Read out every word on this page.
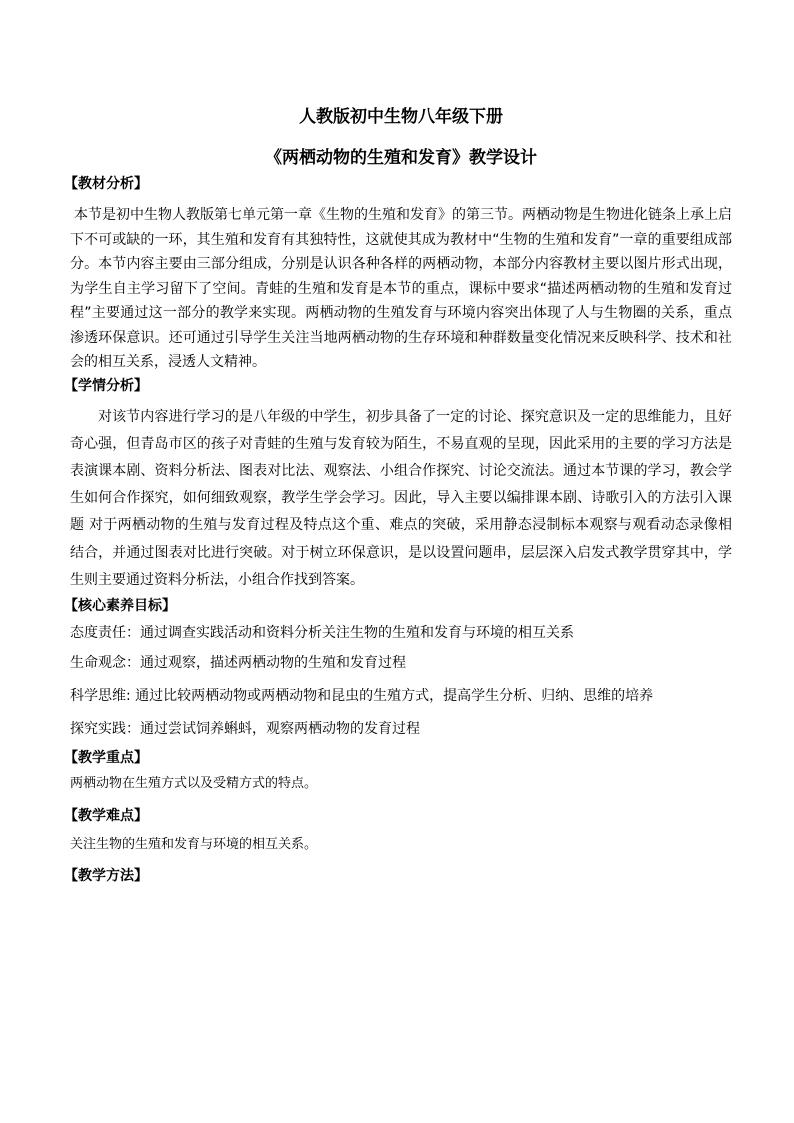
人教版初中生物八年级下册

《两栖动物的生殖和发育》教学设计

【教材分析】

本节是初中生物人教版第七单元第一章《生物的生殖和发育》的第三节。两栖动物是生物进化链条上承上启下不可或缺的一环，其生殖和发育有其独特性，这就使其成为教材中“生物的生殖和发育”一章的重要组成部分。本节内容主要由三部分组成，分别是认识各种各样的两栖动物，本部分内容教材主要以图片形式出现，为学生自主学习留下了空间。青蛙的生殖和发育是本节的重点，课标中要求“描述两栖动物的生殖和发育过程”主要通过这一部分的教学来实现。两栖动物的生殖发育与环境内容突出体现了人与生物圈的关系，重点渗透环保意识。还可通过引导学生关注当地两栖动物的生存环境和种群数量变化情况来反映科学、技术和社会的相互关系，浸透人文精神。

【学情分析】

对该节内容进行学习的是八年级的中学生，初步具备了一定的讨论、探究意识及一定的思维能力，且好奇心强，但青岛市区的孩子对青蛙的生殖与发育较为陌生，不易直观的呈现，因此采用的主要的学习方法是 表演课本剧、资料分析法、图表对比法、观察法、小组合作探究、讨论交流法。通过本节课的学习，教会学生如何合作探究，如何细致观察，教学生学会学习。因此，导入主要以编排课本剧、诗歌引入的方法引入课题 对于两栖动物的生殖与发育过程及特点这个重、难点的突破，采用静态浸制标本观察与观看动态录像相结合，并通过图表对比进行突破。对于树立环保意识，是以设置问题串，层层深入启发式教学贯穿其中，学生则主要通过资料分析法，小组合作找到答案。

【核心素养目标】

态度责任：通过调查实践活动和资料分析关注生物的生殖和发育与环境的相互关系

生命观念：通过观察，描述两栖动物的生殖和发育过程

科学思维: 通过比较两栖动物或两栖动物和昆虫的生殖方式，提高学生分析、归纳、思维的培养

探究实践：通过尝试饲养蝌蚪，观察两栖动物的发育过程

【教学重点】

两栖动物在生殖方式以及受精方式的特点。

【教学难点】

关注生物的生殖和发育与环境的相互关系。

【教学方法】
